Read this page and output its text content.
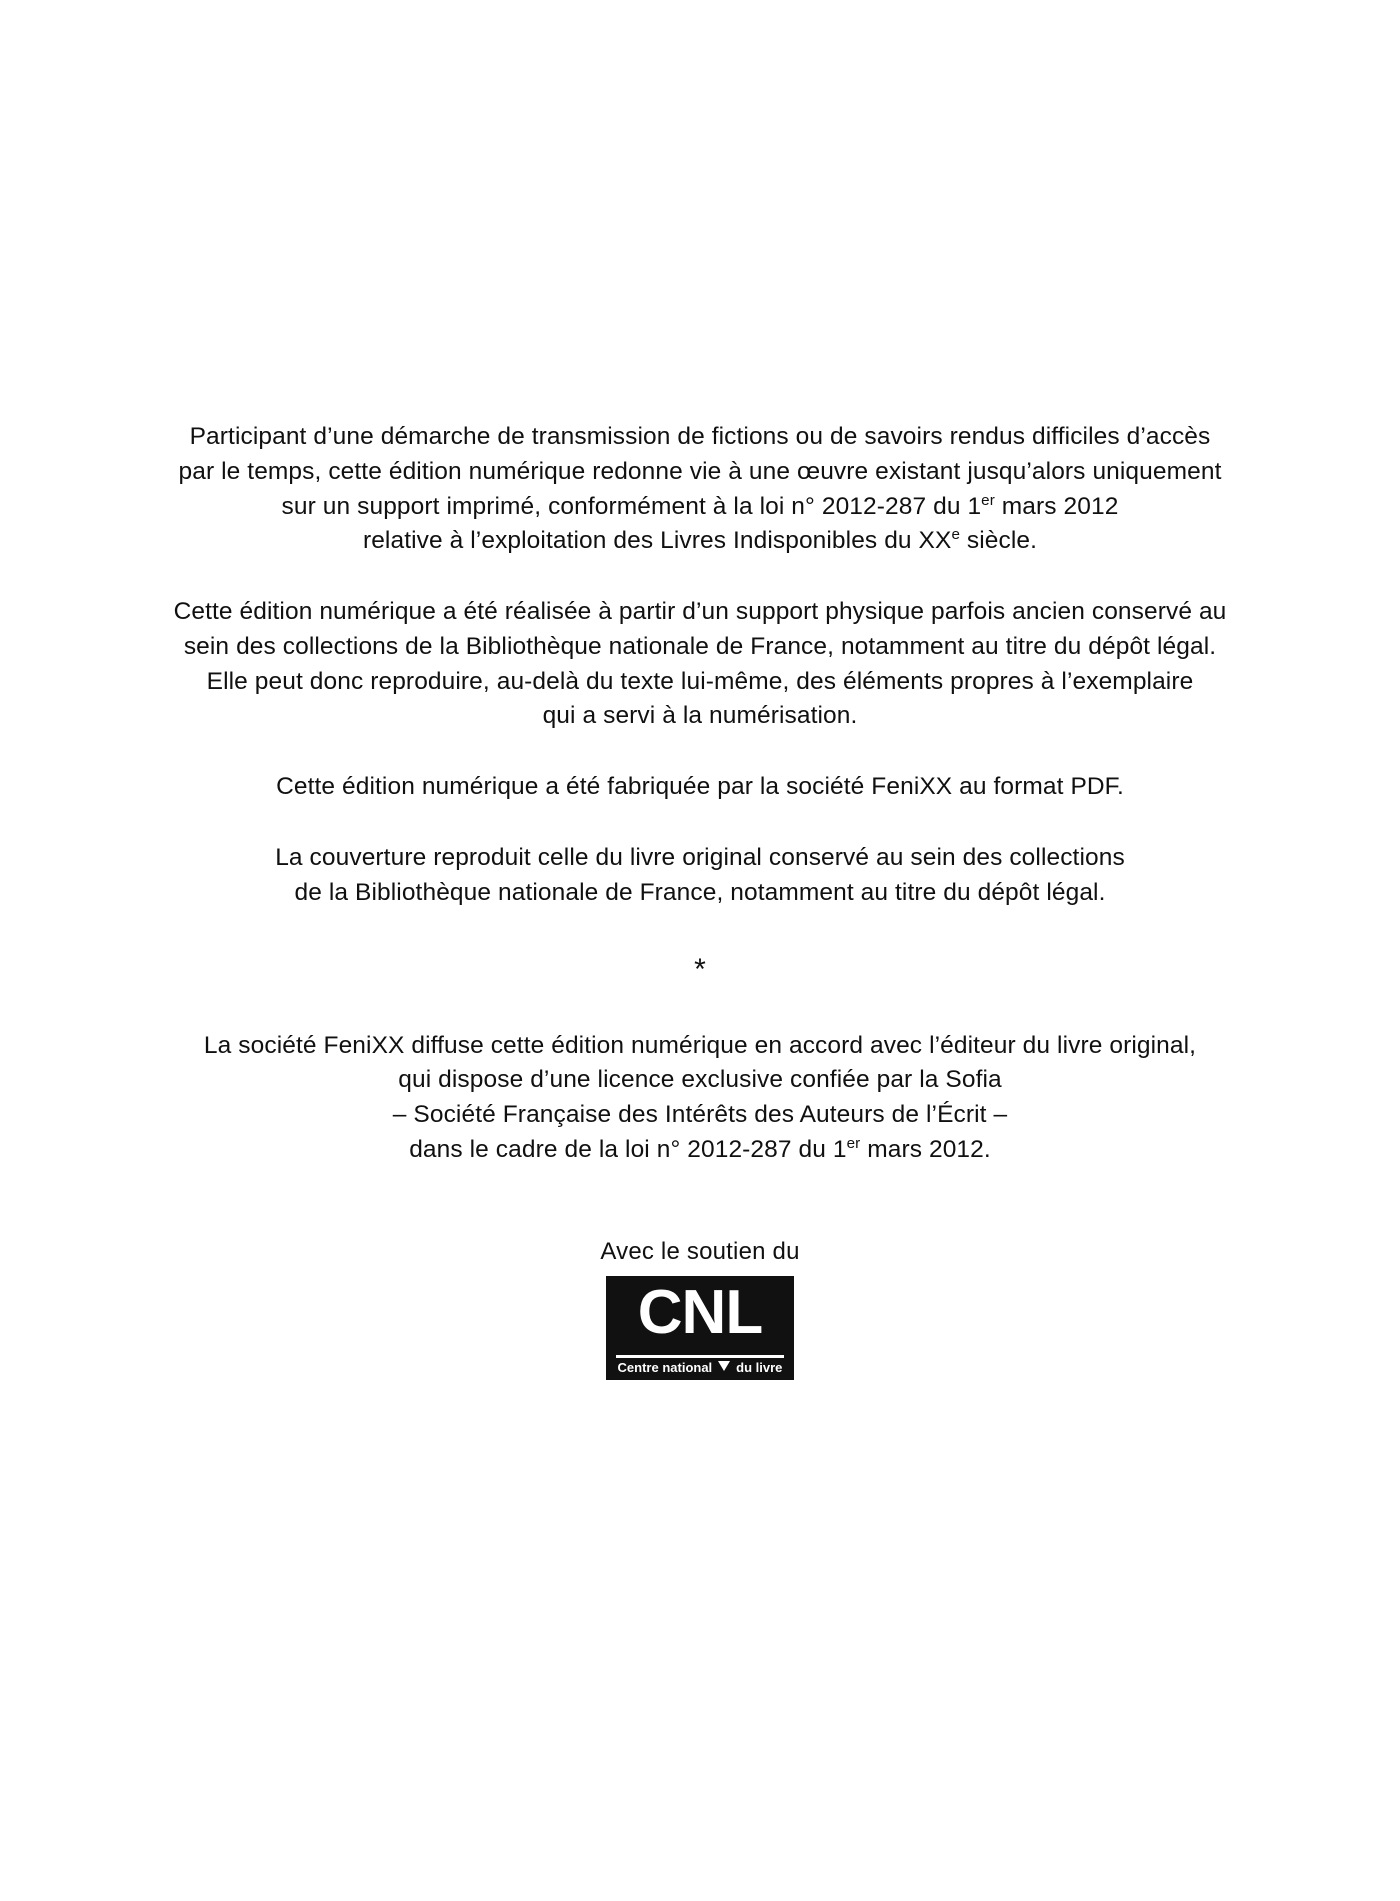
Participant d’une démarche de transmission de fictions ou de savoirs rendus difficiles d’accès
par le temps, cette édition numérique redonne vie à une œuvre existant jusqu’alors uniquement
sur un support imprimé, conformément à la loi n° 2012-287 du 1er mars 2012
relative à l’exploitation des Livres Indisponibles du XXe siècle.
Cette édition numérique a été réalisée à partir d’un support physique parfois ancien conservé au
sein des collections de la Bibliothèque nationale de France, notamment au titre du dépôt légal.
Elle peut donc reproduire, au-delà du texte lui-même, des éléments propres à l’exemplaire
qui a servi à la numérisation.
Cette édition numérique a été fabriquée par la société FeniXX au format PDF.
La couverture reproduit celle du livre original conservé au sein des collections
de la Bibliothèque nationale de France, notamment au titre du dépôt légal.
*
La société FeniXX diffuse cette édition numérique en accord avec l’éditeur du livre original,
qui dispose d’une licence exclusive confiée par la Sofia
– Société Française des Intérêts des Auteurs de l’Écrit –
dans le cadre de la loi n° 2012-287 du 1er mars 2012.
Avec le soutien du
CNL
Centre national du livre
